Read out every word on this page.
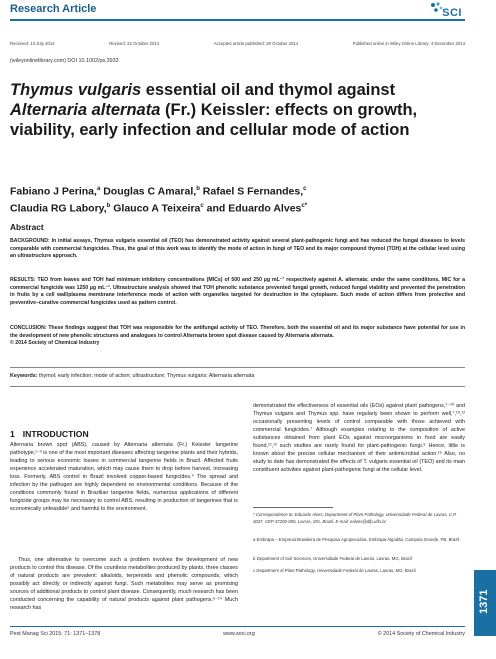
Research Article	SCI
Received: 13 July 2014	Revised: 22 October 2014	Accepted article published: 30 October 2014	Published online in Wiley Online Library: 4 December 2014
(wileyonlinelibrary.com) DOI 10.1002/ps.3933
Thymus vulgaris essential oil and thymol against Alternaria alternata (Fr.) Keissler: effects on growth, viability, early infection and cellular mode of action
Fabiano J Perina,$^a$ Douglas C Amaral,$^b$ Rafael S Fernandes,$^c$
Claudia RG Labory,$^b$ Glauco A Teixeira$^c$ and Eduardo Alves$^{c*}$
Abstract

BACKGROUND: In initial assays, Thymus vulgaris essential oil (TEO) has demonstrated activity against several plant-pathogenic fungi and has reduced the fungal diseases to levels comparable with commercial fungicides. Thus, the goal of this work was to identify the mode of action in fungi of TEO and its major compound thymol (TOH) at the cellular level using an ultrastructure approach.

RESULTS: TEO from leaves and TOH had minimum inhibitory concentrations (MICs) of 500 and 250 µg mL⁻¹ respectively against A. alternata; under the same conditions, MIC for a commercial fungicide was 1250 µg mL⁻¹. Ultrastructure analysis showed that TOH phenolic substance prevented fungal growth, reduced fungal viability and prevented the penetration in fruits by a cell wall/plasma membrane interference mode of action with organelles targeted for destruction in the cytoplasm. Such mode of action differs from protective and preventive–curative commercial fungicides used as pattern control.

CONCLUSION: These findings suggest that TOH was responsible for the antifungal activity of TEO. Therefore, both the essential oil and its major substance have potential for use in the development of new phenolic structures and analogues to control Alternaria brown spot disease caused by Alternaria alternata.

© 2014 Society of Chemical Industry

Keywords: thymol; early infection; mode of action; ultrastructure; Thymus vulgaris; Alternaria alternata
1 INTRODUCTION

Alternaria brown spot (ABS), caused by Alternaria alternata (Fr.) Keissler tangerine pathotype,¹⁻³ is one of the most important diseases affecting tangerine plants and their hybrids, leading to serious economic losses in commercial tangerine fields in Brazil. Affected fruits experience accelerated maturation, which may cause them to drop before harvest, increasing loss. Formerly, ABS control in Brazil involved copper-based fungicides.⁴ The spread and infection by the pathogen are highly dependent on environmental conditions. Because of the conditions commonly found in Brazilian tangerine fields, numerous applications of different fungicide groups may be necessary to control ABS, resulting in production of tangerines that is economically unfeasible⁵ and harmful to the environment.

Thus, one alternative to overcome such a problem involves the development of new products to control this disease. Of the countless metabolites produced by plants, three classes of natural products are prevalent: alkaloids, terpenoids and phenolic compounds, which possibly act directly or indirectly against fungi. Such metabolites may serve as promising sources of additional products to control plant disease. Consequently, much research has been conducted concerning the capability of natural products against plant pathogens.⁶⁻¹⁴ Much research has

demonstrated the effectiveness of essential oils (EOs) against plant pathogens,⁷⁻¹⁰ and Thymus vulgaris and Thymus spp. have regularly been shown to perform well,⁷,¹⁰,¹² occasionally presenting levels of control comparable with those achieved with commercial fungicides.⁷ Although examples relating to the composition of active substances obtained from plant EOs against microorganisms in food are easily found,¹²,¹³ such studies are rarely found for plant-pathogenic fungi.⁹ Hence, little is known about the precise cellular mechanism of their antimicrobial action.¹⁶ Also, no study to date has demonstrated the effects of T. vulgaris essential oil (TEO) and its main constituent activities against plant-pathogenic fungi at the cellular level.

* Correspondence to: Eduardo Alves, Department of Plant Pathology, Universidade Federal de Lavras, C.P. 3037, CEP 37200-000, Lavras, MG, Brazil. E-mail: ealves@dfp.ufla.br

a Embrapa – Empresa Brasileira de Pesquisa Agropecuária, Embrapa Algodão, Campina Grande, PB, Brazil

b Department of Soil Sciences, Universidade Federal de Lavras, Lavras, MG, Brazil

c Department of Plant Pathology, Universidade Federal de Lavras, Lavras, MG, Brazil

1371
Pest Manag Sci 2015; 71: 1371–1378	www.soci.org	© 2014 Society of Chemical Industry
